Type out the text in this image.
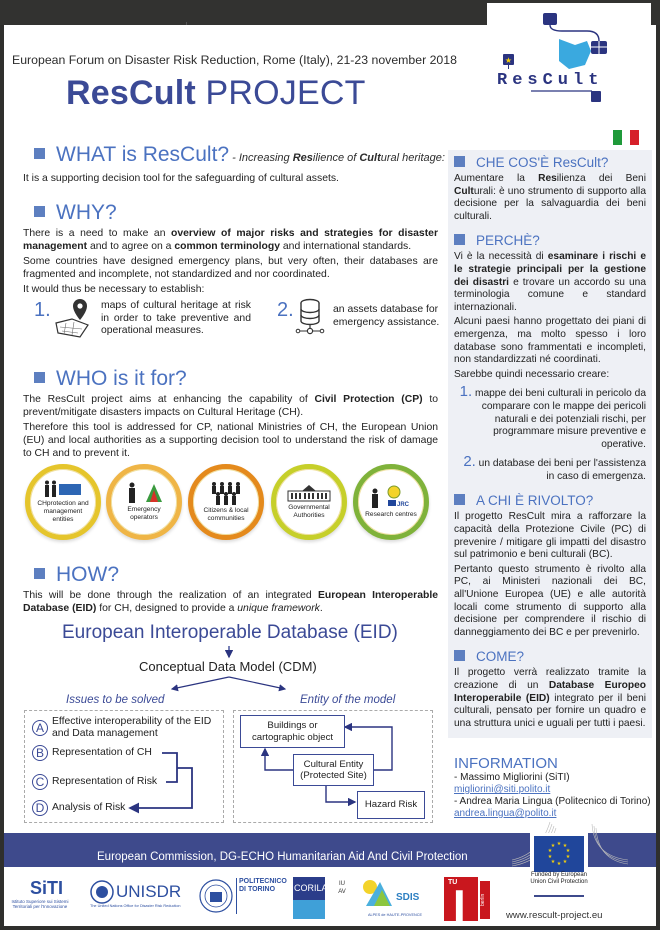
★
ResCult
European Forum on Disaster Risk Reduction, Rome (Italy), 21-23 november 2018
ResCult PROJECT
WHAT is ResCult? - Increasing Resilience of Cultural heritage:
It is a supporting decision tool for the safeguarding of cultural assets.
WHY?
There is a need to make an overview of major risks and strategies for disaster management and to agree on a common terminology and international standards.
Some countries have designed emergency plans, but very often, their databases are fragmented and incomplete, not standardized and nor coordinated.
It would thus be necessary to establish:
1.	maps of cultural heritage at risk in order to take preventive and operational measures.
2.	an assets database for emergency assistance.
WHO is it for?
The ResCult project aims at enhancing the capability of Civil Protection (CP) to prevent/mitigate disasters impacts on Cultural Heritage (CH).
Therefore this tool is addressed for CP, national Ministries of CH, the European Union (EU) and local authorities as a supporting decision tool to understand the risk of damage to CH and to prevent it.
CHprotection and management entities
Emergency operators
Citizens & local communities
Governmental Authorities
JRC
Research centres
HOW?
This will be done through the realization of an integrated European Interoperable Database (EID) for CH, designed to provide a unique framework.
European Interoperable Database (EID)
Conceptual Data Model (CDM)
Issues to be solved	Entity of the model
A Effective interoperability of the EID and Data management
B Representation of CH
C Representation of Risk
D Analysis of Risk
Buildings or cartographic object
Cultural Entity (Protected Site)
Hazard Risk
CHE COS'È ResCult?
Aumentare la Resilienza dei Beni Culturali: è uno strumento di supporto alla decisione per la salvaguardia dei beni culturali.
PERCHÈ?
Vi è la necessità di esaminare i rischi e le strategie principali per la gestione dei disastri e trovare un accordo su una terminologia comune e standard internazionali.
Alcuni paesi hanno progettato dei piani di emergenza, ma molto spesso i loro database sono frammentati e incompleti, non standardizzati né coordinati.
Sarebbe quindi necessario creare:
1. mappe dei beni culturali in pericolo da comparare con le mappe dei pericoli naturali e dei potenziali rischi, per programmare misure preventive e operative.
2. un database dei beni per l'assistenza in caso di emergenza.
A CHI È RIVOLTO?
Il progetto ResCult mira a rafforzare la capacità della Protezione Civile (PC) di prevenire / mitigare gli impatti del disastro sul patrimonio e beni culturali (BC).
Pertanto questo strumento è rivolto alla PC, ai Ministeri nazionali dei BC, all'Unione Europea (UE) e alle autorità locali come strumento di supporto alla decisione per comprendere il rischio di danneggiamento dei BC e per prevenirlo.
COME?
Il progetto verrà realizzato tramite la creazione di un Database Europeo Interoperabile (EID) integrato per il beni culturali, pensato per fornire un quadro e una struttura unici e uguali per tutti i paesi.
INFORMATION
- Massimo Migliorini (SiTI)
migliorini@siti.polito.it
- Andrea Maria Lingua (Politecnico di Torino)
andrea.lingua@polito.it
European Commission, DG-ECHO Humanitarian Aid And Civil Protection
★ ★
★
★
★
★
★
★
★
★
Funded by European Union Civil Protection
www.rescult-project.eu
SiTI
Istituto Superiore sui Sistemi Territoriali per l'Innovazione
UNISDR
The United Nations Office for Disaster Risk Reduction
POLITECNICO DI TORINO	CORILA IUAV	SDIS
ALPES de HAUTE-PROVENCE
TU
berlin
